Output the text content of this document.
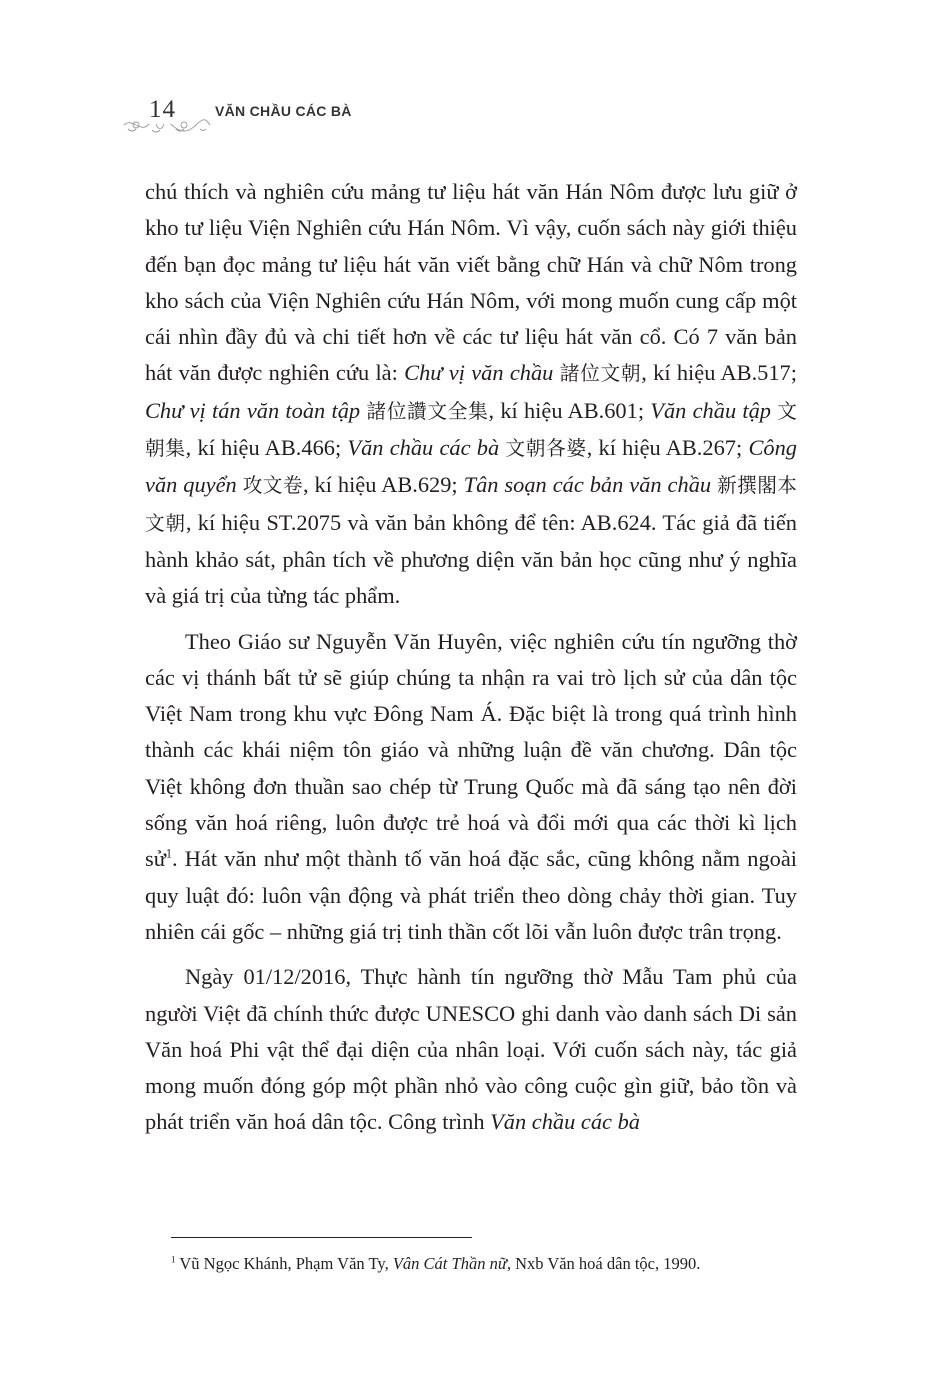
14	VĂN CHẦU CÁC BÀ

chú thích và nghiên cứu mảng tư liệu hát văn Hán Nôm được lưu giữ ở kho tư liệu Viện Nghiên cứu Hán Nôm. Vì vậy, cuốn sách này giới thiệu đến bạn đọc mảng tư liệu hát văn viết bằng chữ Hán và chữ Nôm trong kho sách của Viện Nghiên cứu Hán Nôm, với mong muốn cung cấp một cái nhìn đầy đủ và chi tiết hơn về các tư liệu hát văn cổ. Có 7 văn bản hát văn được nghiên cứu là: Chư vị văn chầu 諸位文朝, kí hiệu AB.517; Chư vị tán văn toàn tập 諸位讚文全集, kí hiệu AB.601; Văn chầu tập 文朝集, kí hiệu AB.466; Văn chầu các bà 文朝各婆, kí hiệu AB.267; Công văn quyển 攻文卷, kí hiệu AB.629; Tân soạn các bản văn chầu 新撰閣本文朝, kí hiệu ST.2075 và văn bản không để tên: AB.624. Tác giả đã tiến hành khảo sát, phân tích về phương diện văn bản học cũng như ý nghĩa và giá trị của từng tác phẩm.

Theo Giáo sư Nguyễn Văn Huyên, việc nghiên cứu tín ngưỡng thờ các vị thánh bất tử sẽ giúp chúng ta nhận ra vai trò lịch sử của dân tộc Việt Nam trong khu vực Đông Nam Á. Đặc biệt là trong quá trình hình thành các khái niệm tôn giáo và những luận đề văn chương. Dân tộc Việt không đơn thuần sao chép từ Trung Quốc mà đã sáng tạo nên đời sống văn hoá riêng, luôn được trẻ hoá và đổi mới qua các thời kì lịch sử$^1$. Hát văn như một thành tố văn hoá đặc sắc, cũng không nằm ngoài quy luật đó: luôn vận động và phát triển theo dòng chảy thời gian. Tuy nhiên cái gốc – những giá trị tinh thần cốt lõi vẫn luôn được trân trọng.

Ngày 01/12/2016, Thực hành tín ngưỡng thờ Mẫu Tam phủ của người Việt đã chính thức được UNESCO ghi danh vào danh sách Di sản Văn hoá Phi vật thể đại diện của nhân loại. Với cuốn sách này, tác giả mong muốn đóng góp một phần nhỏ vào công cuộc gìn giữ, bảo tồn và phát triển văn hoá dân tộc. Công trình Văn chầu các bà

$^1$ Vũ Ngọc Khánh, Phạm Văn Ty, Vân Cát Thần nữ, Nxb Văn hoá dân tộc, 1990.
